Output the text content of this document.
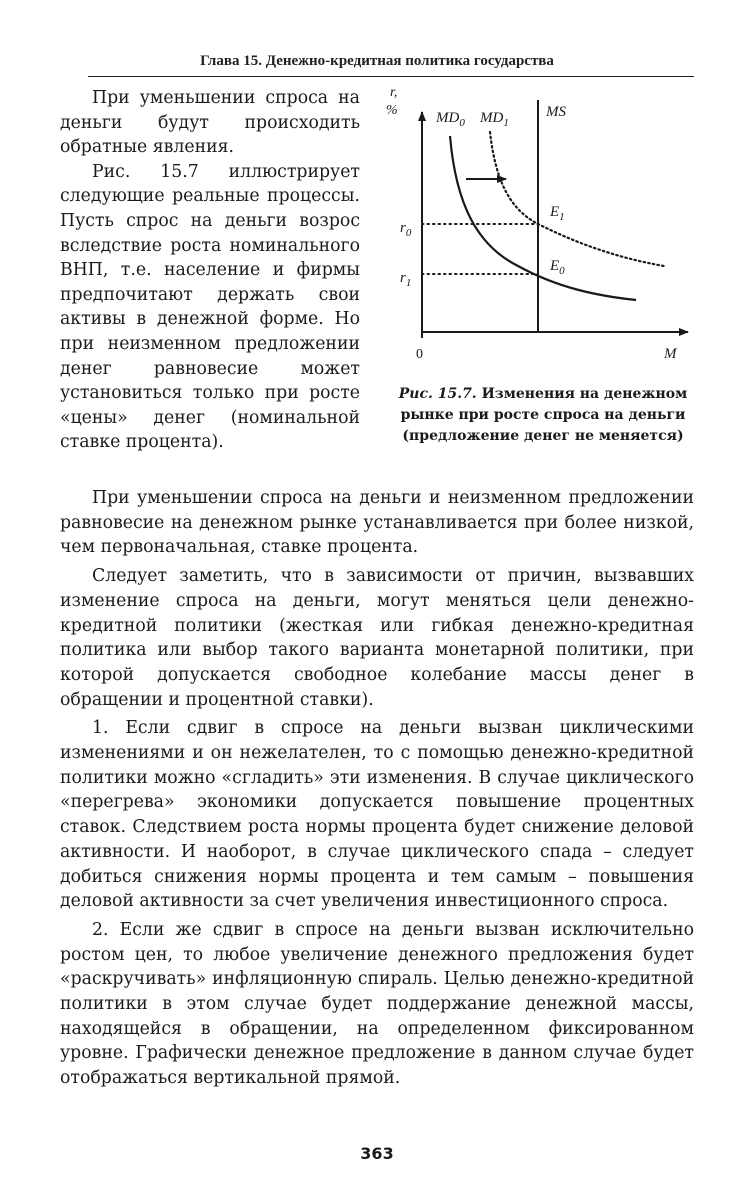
Глава 15. Денежно-кредитная политика государства

При уменьшении спроса на деньги будут происходить обратные явления.

Рис. 15.7 иллюстрирует следующие реальные процессы. Пусть спрос на деньги возрос вследствие роста номинального ВНП, т.е. население и фирмы предпочитают держать свои активы в денежной форме. Но при неизменном предложении денег равновесие может установиться только при росте «цены» денег (номинальной ставке процента).

r,
%	$MD_0$ $MD_1$
MS
$r_0$
$r_1$
$E_1$
$E_0$
0	M
Рис. 15.7. Изменения на денежном рынке при росте спроса на деньги (предложение денег не меняется)

При уменьшении спроса на деньги и неизменном предложении равновесие на денежном рынке устанавливается при более низкой, чем первоначальная, ставке процента.

Следует заметить, что в зависимости от причин, вызвавших изменение спроса на деньги, могут меняться цели денежно-кредитной политики (жесткая или гибкая денежно-кредитная политика или выбор такого варианта монетарной политики, при которой допускается свободное колебание массы денег в обращении и процентной ставки).

1. Если сдвиг в спросе на деньги вызван циклическими изменениями и он нежелателен, то с помощью денежно-кредитной политики можно «сгладить» эти изменения. В случае циклического «перегрева» экономики допускается повышение процентных ставок. Следствием роста нормы процента будет снижение деловой активности. И наоборот, в случае циклического спада – следует добиться снижения нормы процента и тем самым – повышения деловой активности за счет увеличения инвестиционного спроса.

2. Если же сдвиг в спросе на деньги вызван исключительно ростом цен, то любое увеличение денежного предложения будет «раскручивать» инфляционную спираль. Целью денежно-кредитной политики в этом случае будет поддержание денежной массы, находящейся в обращении, на определенном фиксированном уровне. Графически денежное предложение в данном случае будет отображаться вертикальной прямой.

363
